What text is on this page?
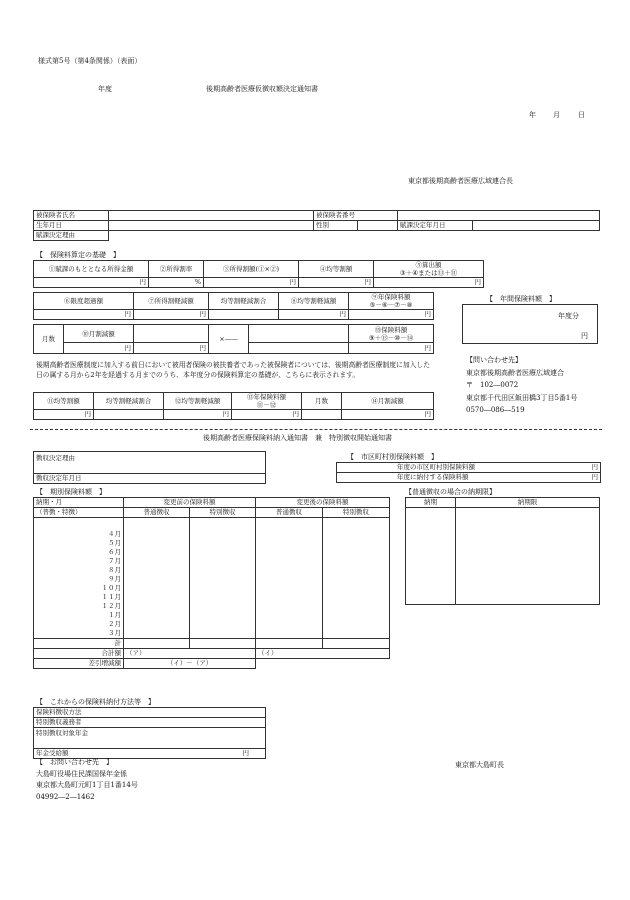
様式第5号（第4条関係）（表面）
年度	後期高齢者医療仮徴収額決定通知書
年 月	日
東京都後期高齢者医療広域連合長
被保険者氏名		被保険者番号			
生年月日		性別		賦課決定年月日	
賦課決定理由					
【　保険料算定の基礎　】
①賦課のもととなる所得金額	②所得割率	③所得割額(①×②)	④均等割額	⑤算出額
③＋④または⑬＋⑪
円	%	円	円	円
⑥限度超過額	⑦所得割軽減額	均等割軽減割合	⑧均等割軽減額	⑨年保険料額
⑤－⑥－⑦－⑧
円	円		円	円
月数	⑩月割減額		×――		⑮保険料額
⑨＋⑬－⑩－⑭
	円	円			円
後期高齢者医療制度に加入する前日において被用者保険の被扶養者であった被保険者については、後期高齢者医療制度に加入した日の属する月から2年を経過する月までのうち、本年度分の保険料算定の基礎が、こちらに表示されます。
⑪均等割額	均等割軽減割合	⑫均等割軽減額	⑬年保険料額
⑪－⑫	月数	⑭月割減額
円		円	円		円
【　年間保険料額　】
年度分
円
【問い合わせ先】
東京都後期高齢者医療広域連合
〒　102―0072
東京都千代田区飯田橋3丁目5番1号
0570―086―519
後期高齢者医療保険料納入通知書　兼　特別徴収開始通知書
徴収決定理由
徴収決定年月日
【　市区町村別保険料額　】
年度の市区町村別保険料額	円

年度に納付する保険料額	円
【　期別保険料額　】
納期・月	変更前の保険料額		変更後の保険料額	
（普徴・特徴）	普通徴収	特別徴収	普通徴収	特別徴収

４月				
５月				
６月				
７月				
８月				
９月				
１０月				
１１月				
１２月				
１月				
２月				
３月				
計				
合計額	（ア）		（イ）	
差引増減額	（イ）－（ア）			
【普通徴収の場合の納期限】
納期	納期限

【　これからの保険料納付方法等　】
保険料徴収方法
特別徴収義務者
特別徴収対象年金
年金受給額	円
【　お問い合わせ先　】
大島町役場住民課国保年金係
東京都大島町元町1丁目1番14号
04992―2―1462
東京都大島町長
